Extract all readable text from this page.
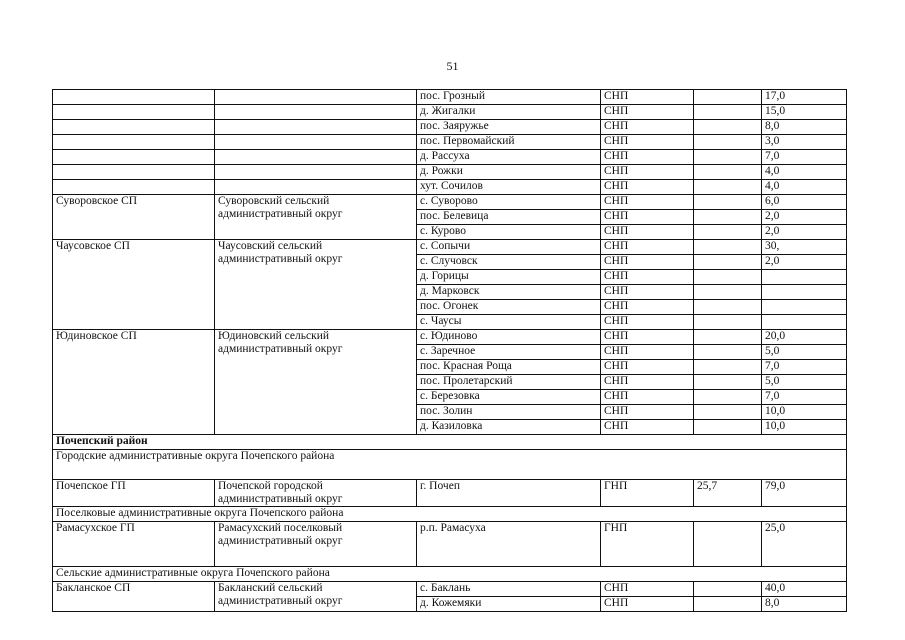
51
		пос. Грозный	СНП		17,0
		д. Жигалки	СНП		15,0
		пос. Заяружье	СНП		8,0
		пос. Первомайский	СНП		3,0
		д. Рассуха	СНП		7,0
		д. Рожки	СНП		4,0
		хут. Сочилов	СНП		4,0
Суворовское СП	Суворовский сельский административный округ	с. Суворово	СНП		6,0
		пос. Белевица	СНП		2,0
		с. Курово	СНП		2,0
Чаусовское СП	Чаусовский сельский административный округ	с. Сопычи	СНП		30,
		с. Случовск	СНП		2,0
		д. Горицы	СНП		
		д. Марковск	СНП		
		пос. Огонек	СНП		
		с. Чаусы	СНП		
Юдиновское СП	Юдиновский сельский административный округ	с. Юдиново	СНП		20,0
		с. Заречное	СНП		5,0
		пос. Красная Роща	СНП		7,0
		пос. Пролетарский	СНП		5,0
		с. Березовка	СНП		7,0
		пос. Золин	СНП		10,0
		д. Казиловка	СНП		10,0
Почепский район					
Городские административные округа Почепского района					
Почепское ГП	Почепской городской административный округ	г. Почеп	ГНП	25,7	79,0
Поселковые административные округа Почепского района					
Рамасухское ГП	Рамасухский поселковый административный округ	р.п. Рамасуха	ГНП		25,0
Сельские административные округа Почепского района					
Бакланское СП	Бакланский сельский административный округ	с. Баклань	СНП		40,0
		д. Кожемяки	СНП		8,0
